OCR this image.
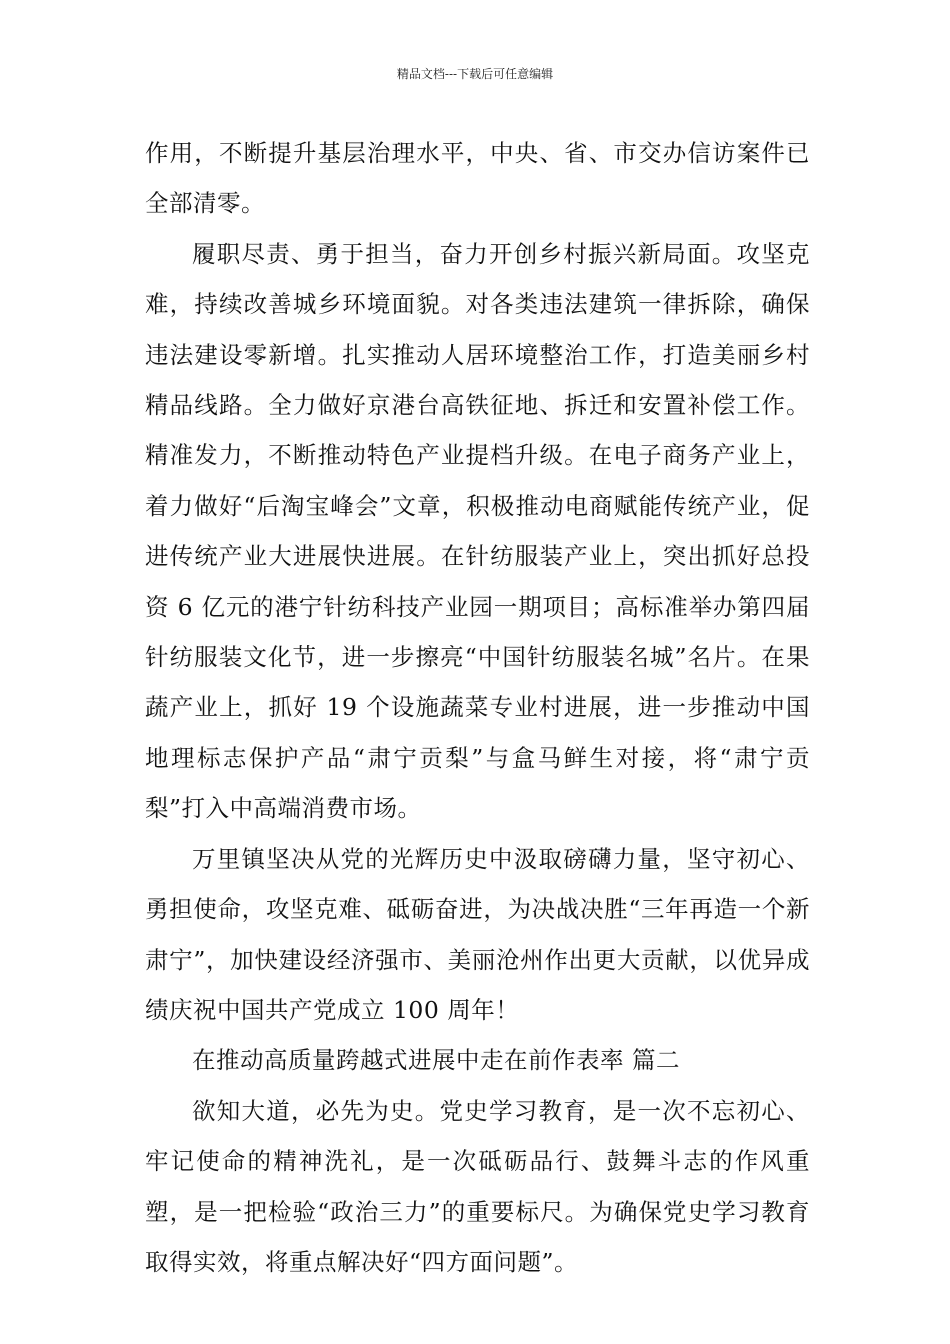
精品文档---下载后可任意编辑

作用，不断提升基层治理水平，中央、省、市交办信访案件已全部清零。

履职尽责、勇于担当，奋力开创乡村振兴新局面。攻坚克难，持续改善城乡环境面貌。对各类违法建筑一律拆除，确保违法建设零新增。扎实推动人居环境整治工作，打造美丽乡村精品线路。全力做好京港台高铁征地、拆迁和安置补偿工作。精准发力，不断推动特色产业提档升级。在电子商务产业上，着力做好“后淘宝峰会”文章，积极推动电商赋能传统产业，促进传统产业大进展快进展。在针纺服装产业上，突出抓好总投资 6 亿元的港宁针纺科技产业园一期项目；高标准举办第四届针纺服装文化节，进一步擦亮“中国针纺服装名城”名片。在果蔬产业上，抓好 19 个设施蔬菜专业村进展，进一步推动中国地理标志保护产品“肃宁贡梨”与盒马鲜生对接，将“肃宁贡梨”打入中高端消费市场。

万里镇坚决从党的光辉历史中汲取磅礴力量，坚守初心、勇担使命，攻坚克难、砥砺奋进，为决战决胜“三年再造一个新肃宁”，加快建设经济强市、美丽沧州作出更大贡献，以优异成绩庆祝中国共产党成立 100 周年！

在推动高质量跨越式进展中走在前作表率 篇二

欲知大道，必先为史。党史学习教育，是一次不忘初心、牢记使命的精神洗礼，是一次砥砺品行、鼓舞斗志的作风重塑，是一把检验“政治三力”的重要标尺。为确保党史学习教育取得实效，将重点解决好“四方面问题”。
